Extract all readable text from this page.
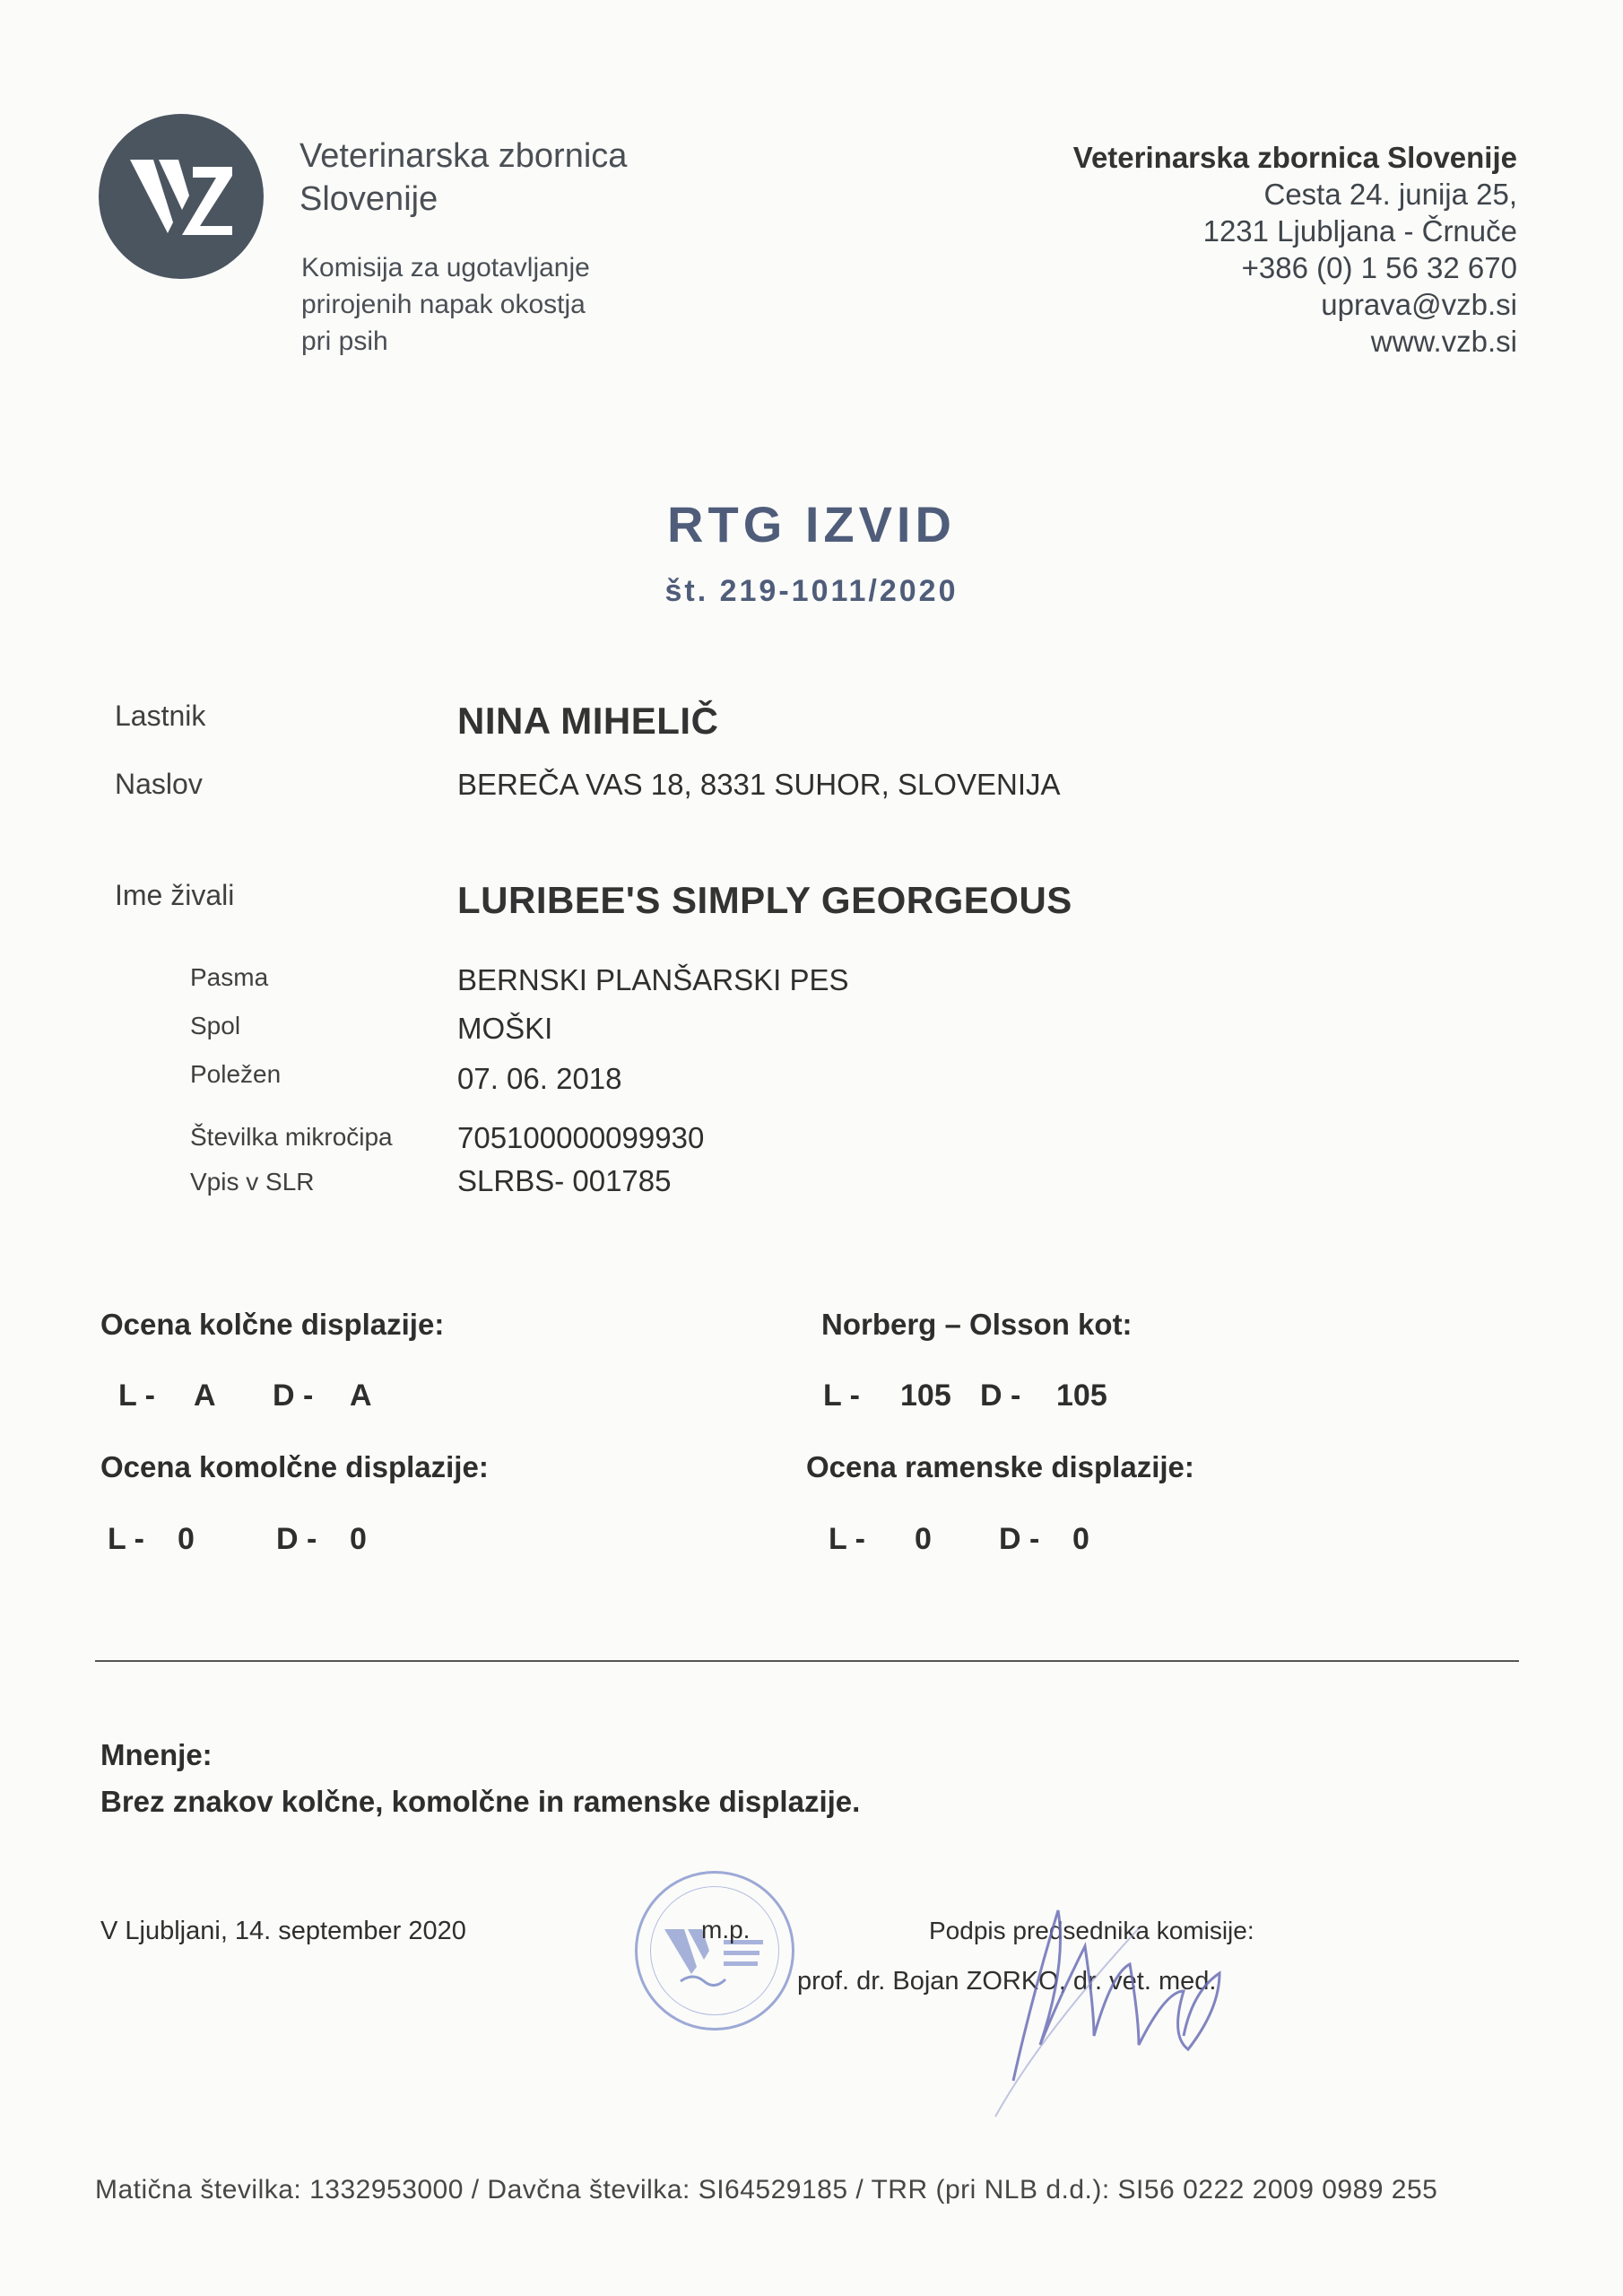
Veterinarska zbornica
Slovenije
Komisija za ugotavljanje
prirojenih napak okostja
pri psih
Veterinarska zbornica Slovenije
Cesta 24. junija 25,
1231 Ljubljana - Črnuče
+386 (0) 1 56 32 670
uprava@vzb.si
www.vzb.si
RTG IZVID
št. 219-1011/2020
Lastnik	NINA MIHELIČ
Naslov	BEREČA VAS 18, 8331 SUHOR, SLOVENIJA
Ime živali	LURIBEE'S SIMPLY GEORGEOUS
Pasma	BERNSKI PLANŠARSKI PES
Spol	MOŠKI
Poležen	07. 06. 2018
Številka mikročipa 705100000099930
Vpis v SLR	SLRBS- 001785
Ocena kolčne displazije:
L - A D - A
Norberg – Olsson kot:
L - 105 D - 105
Ocena komolčne displazije:
L - 0	D - 0
Ocena ramenske displazije:
L - 0 D - 0
Mnenje:
Brez znakov kolčne, komolčne in ramenske displazije.
V Ljubljani, 14. september 2020	m.p.	Podpis predsednika komisije:
prof. dr. Bojan ZORKO, dr. vet. med.
Matična številka: 1332953000 / Davčna številka: SI64529185 / TRR (pri NLB d.d.): SI56 0222 2009 0989 255
